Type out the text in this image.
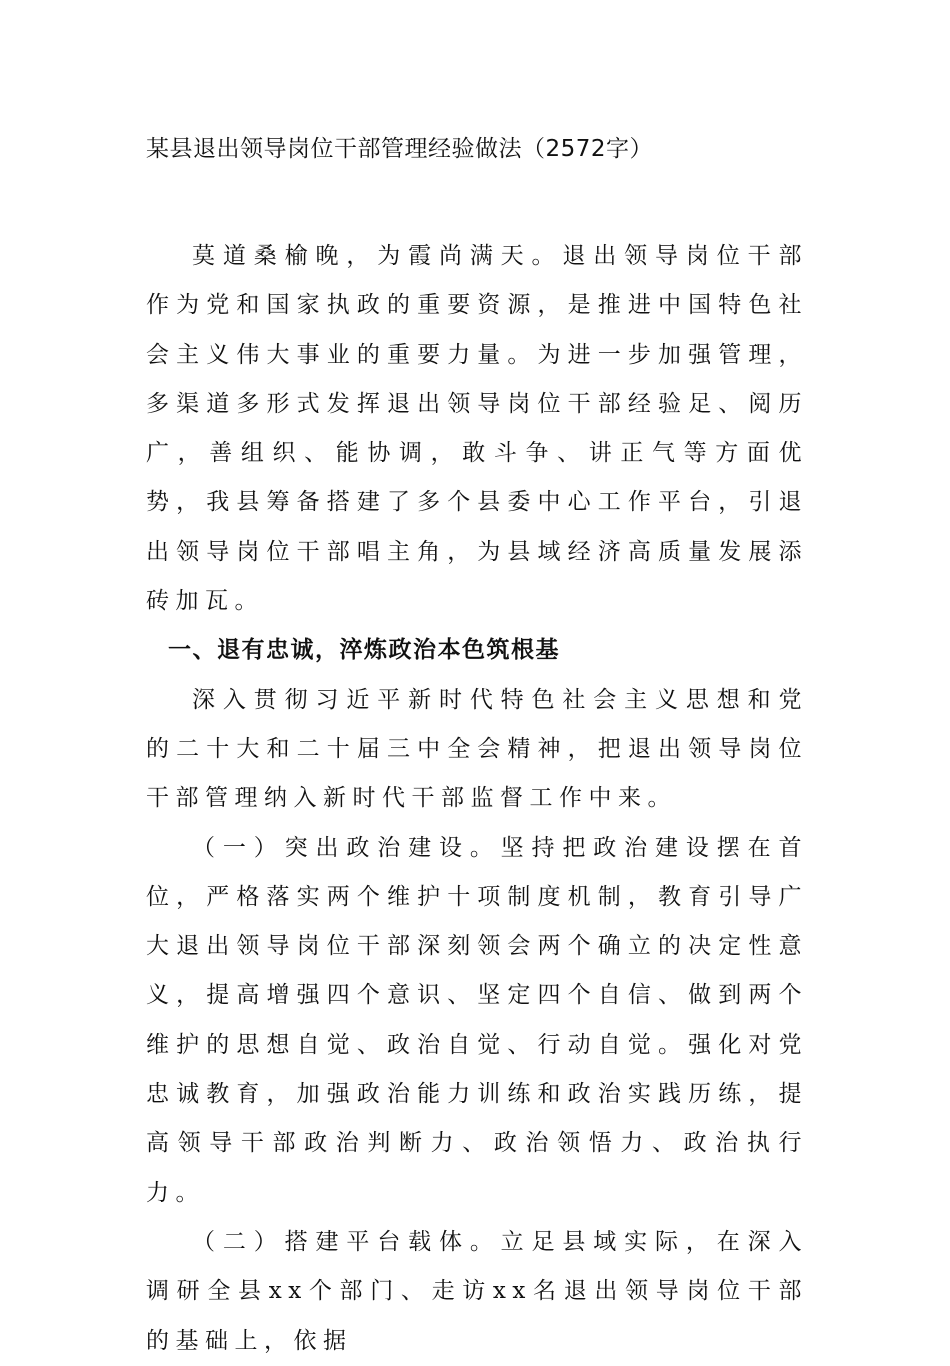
某县退出领导岗位干部管理经验做法（2572字）

莫道桑榆晚，为霞尚满天。退出领导岗位干部作为党和国家执政的重要资源，是推进中国特色社会主义伟大事业的重要力量。为进一步加强管理，多渠道多形式发挥退出领导岗位干部经验足、阅历广，善组织、能协调，敢斗争、讲正气等方面优势，我县筹备搭建了多个县委中心工作平台，引退出领导岗位干部唱主角，为县域经济高质量发展添砖加瓦。

一、退有忠诚，淬炼政治本色筑根基

深入贯彻习近平新时代特色社会主义思想和党的二十大和二十届三中全会精神，把退出领导岗位干部管理纳入新时代干部监督工作中来。

（一）突出政治建设。坚持把政治建设摆在首位，严格落实两个维护十项制度机制，教育引导广大退出领导岗位干部深刻领会两个确立的决定性意义，提高增强四个意识、坚定四个自信、做到两个维护的思想自觉、政治自觉、行动自觉。强化对党忠诚教育，加强政治能力训练和政治实践历练，提高领导干部政治判断力、政治领悟力、政治执行力。

（二）搭建平台载体。立足县域实际，在深入调研全县xx个部门、走访xx名退出领导岗位干部的基础上，依据
